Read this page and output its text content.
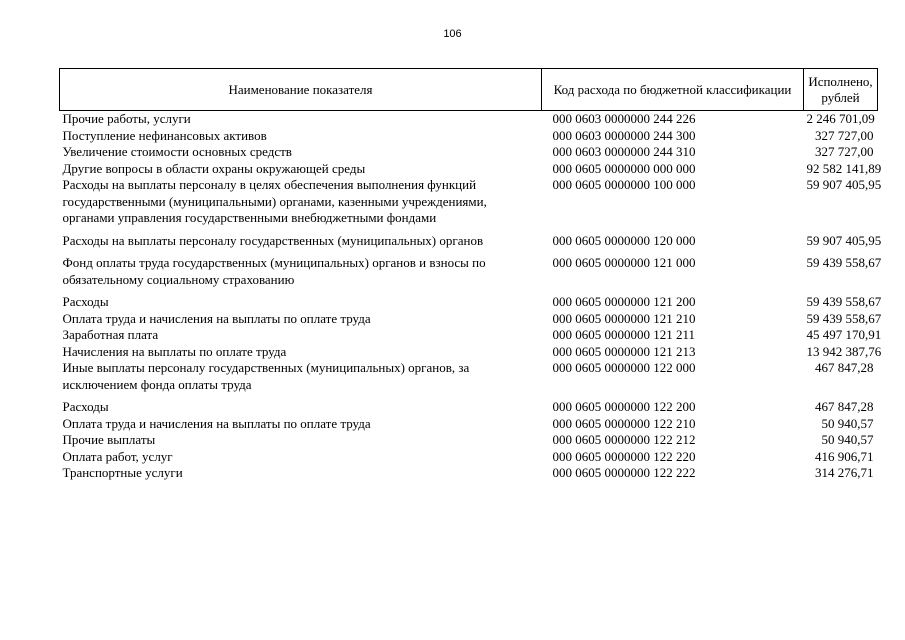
106
Наименование показателя	Код расхода по бюджетной классификации	Исполнено, рублей
Прочие работы, услуги	000 0603 0000000 244 226	2 246 701,09
Поступление нефинансовых активов	000 0603 0000000 244 300	327 727,00
Увеличение стоимости основных средств	000 0603 0000000 244 310	327 727,00
Другие вопросы в области охраны окружающей среды	000 0605 0000000 000 000	92 582 141,89
Расходы на выплаты персоналу в целях обеспечения выполнения функций государственными (муниципальными) органами, казенными учреждениями, органами управления государственными внебюджетными фондами	000 0605 0000000 100 000	59 907 405,95
Расходы на выплаты персоналу государственных (муниципальных) органов	000 0605 0000000 120 000	59 907 405,95
Фонд оплаты труда государственных (муниципальных) органов и взносы по обязательному социальному страхованию	000 0605 0000000 121 000	59 439 558,67
Расходы	000 0605 0000000 121 200	59 439 558,67
Оплата труда и начисления на выплаты по оплате труда	000 0605 0000000 121 210	59 439 558,67
Заработная плата	000 0605 0000000 121 211	45 497 170,91
Начисления на выплаты по оплате труда	000 0605 0000000 121 213	13 942 387,76
Иные выплаты персоналу государственных (муниципальных) органов, за исключением фонда оплаты труда	000 0605 0000000 122 000	467 847,28
Расходы	000 0605 0000000 122 200	467 847,28
Оплата труда и начисления на выплаты по оплате труда	000 0605 0000000 122 210	50 940,57
Прочие выплаты	000 0605 0000000 122 212	50 940,57
Оплата работ, услуг	000 0605 0000000 122 220	416 906,71
Транспортные услуги	000 0605 0000000 122 222	314 276,71
